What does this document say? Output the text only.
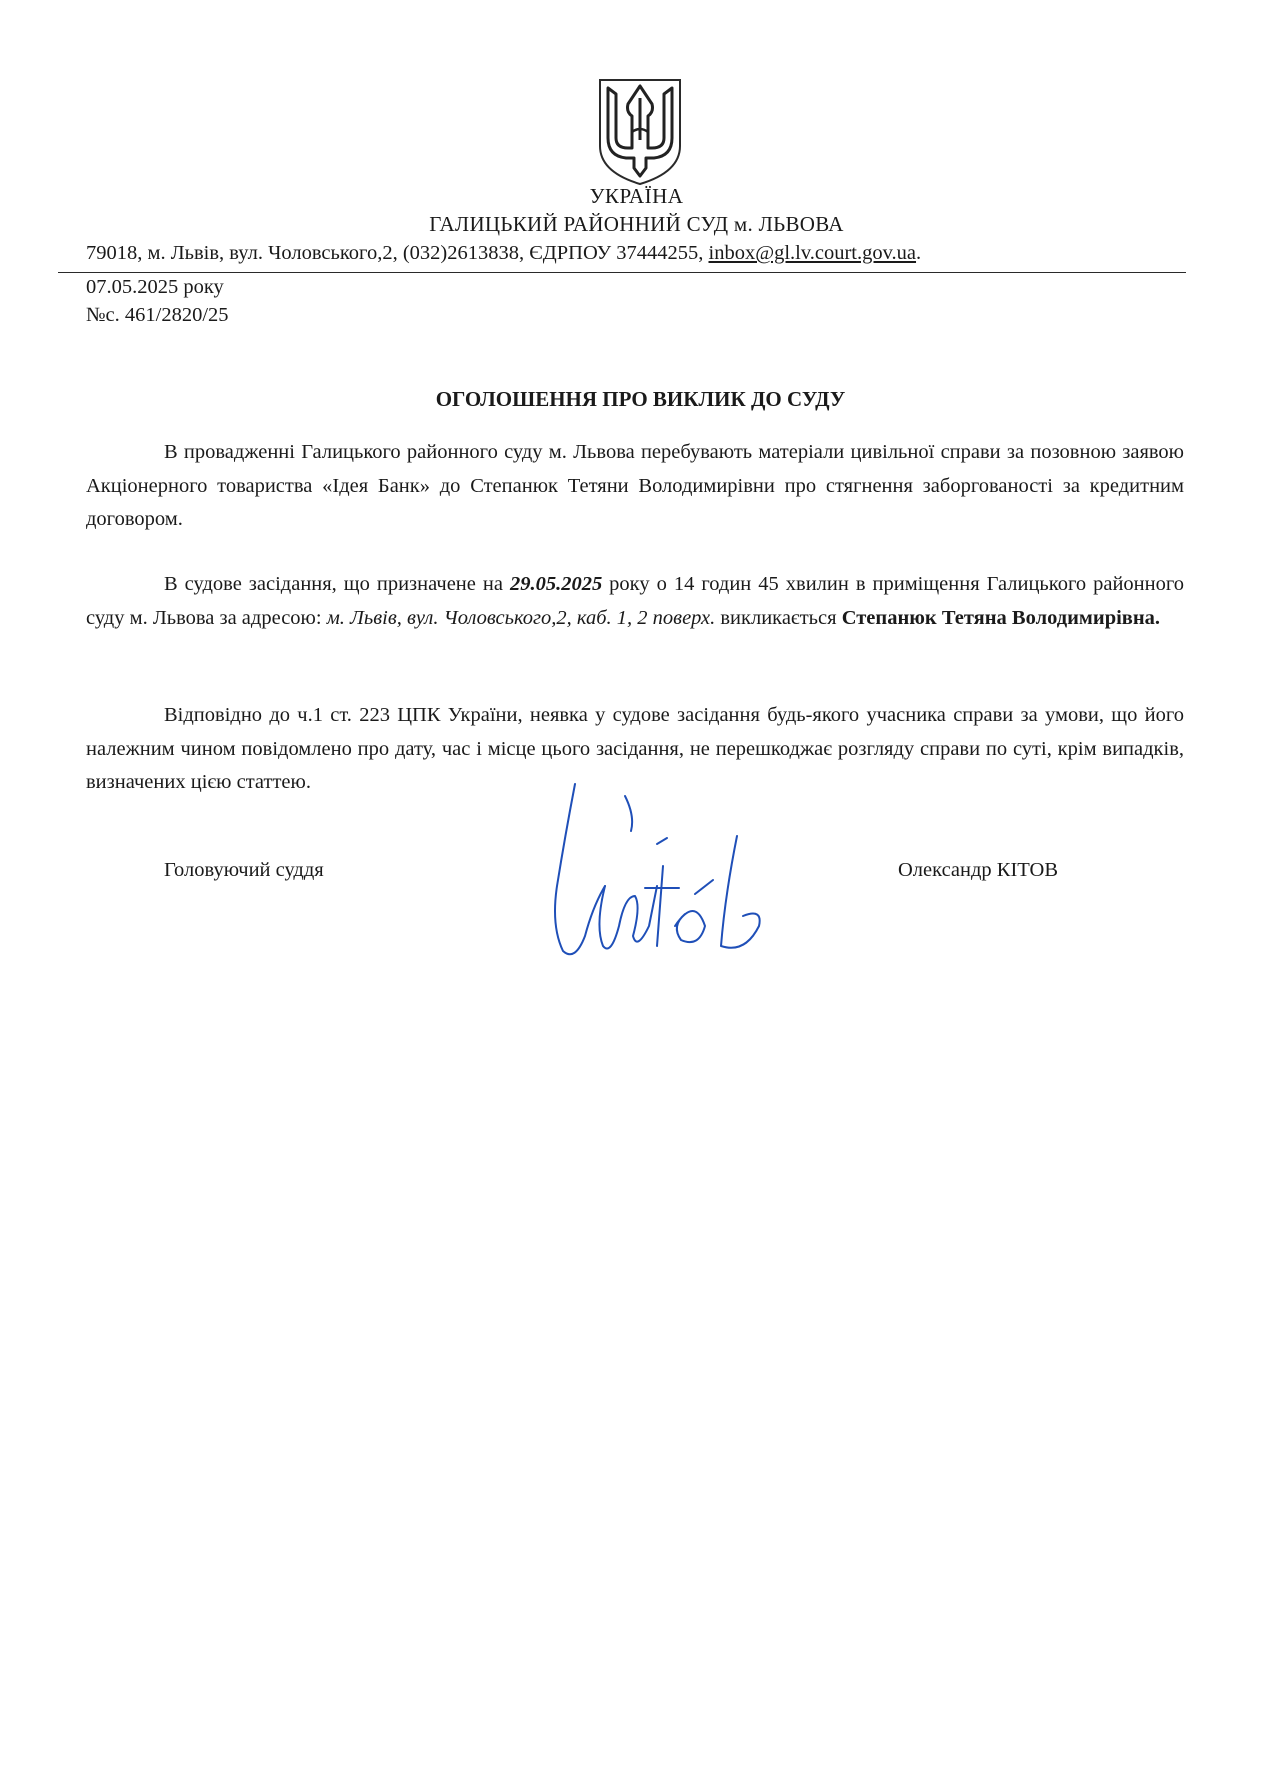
УКРАЇНА
ГАЛИЦЬКИЙ РАЙОННИЙ СУД м. ЛЬВОВА
79018, м. Львів, вул. Чоловського,2, (032)2613838, ЄДРПОУ 37444255, inbox@gl.lv.court.gov.ua.
07.05.2025 року
№с. 461/2820/25
ОГОЛОШЕННЯ ПРО ВИКЛИК ДО СУДУ
В провадженні Галицького районного суду м. Львова перебувають матеріали цивільної справи за позовною заявою Акціонерного товариства «Ідея Банк» до Степанюк Тетяни Володимирівни про стягнення заборгованості за кредитним договором.
В судове засідання, що призначене на 29.05.2025 року о 14 годин 45 хвилин в приміщення Галицького районного суду м. Львова за адресою: м. Львів, вул. Чоловського,2, каб. 1, 2 поверх. викликається Степанюк Тетяна Володимирівна.
Відповідно до ч.1 ст. 223 ЦПК України, неявка у судове засідання будь-якого учасника справи за умови, що його належним чином повідомлено про дату, час і місце цього засідання, не перешкоджає розгляду справи по суті, крім випадків, визначених цією статтею.
Головуючий суддя	Олександр КІТОВ
